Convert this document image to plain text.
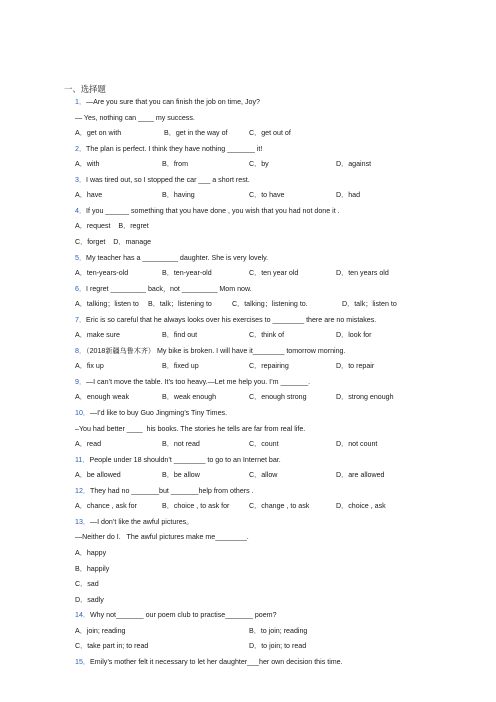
一、选择题
1．—Are you sure that you can finish the job on time, Joy?
— Yes, nothing can ____ my success.
A．get on with	B．get in the way of	C．get out of
2．The plan is perfect. I think they have nothing _______ it!
A．with	B．from	C．by	D．against
3．I was tired out, so I stopped the car ___ a short rest.
A．have	B．having	C．to have	D．had
4．If you ______ something that you have done , you wish that you had not done it .
A．request    B．regret
C．forget    D．manage
5．My teacher has a _________ daughter. She is very lovely.
A．ten-years-old	B．ten-year-old	C．ten year old	D．ten years old
6．I regret _________ back，not _________ Mom now.
A．talking；listen to B．talk；listening to	C．talking；listening to.	D．talk；listen to
7．Eric is so careful that he always looks over his exercises to ________ there are no mistakes.
A．make sure	B．find out	C．think of	D．look for
8．（2018新疆乌鲁木齐） My bike is broken. I will have it________ tomorrow morning.
A．fix up	B．fixed up	C．repairing	D．to repair
9．—I can’t move the table. It’s too heavy.—Let me help you. I’m _______.
A．enough weak	B．weak enough	C．enough strong	D．strong enough
10．—I’d like to buy Guo Jingming’s Tiny Times.
–You had better ____  his books. The stories he tells are far from real life.
A．read	B．not read	C．count	D．not count
11．People under 18 shouldn’t ________ to go to an Internet bar.
A．be allowed	B．be allow	C．allow	D．are allowed
12．They had no _______but _______help from others .
A．chance , ask for	B．choice , to ask for	C．change , to ask	D．choice , ask
13．—I don’t like the awful pictures。
—Neither do I.   The awful pictures make me________.
A．happy
B．happily
C．sad
D．sadly
14．Why not_______ our poem club to practise_______ poem?
A．join; reading	B．to join; reading
C．take part in; to read	D．to join; to read
15．Emily’s mother felt it necessary to let her daughter___her own decision this time.
